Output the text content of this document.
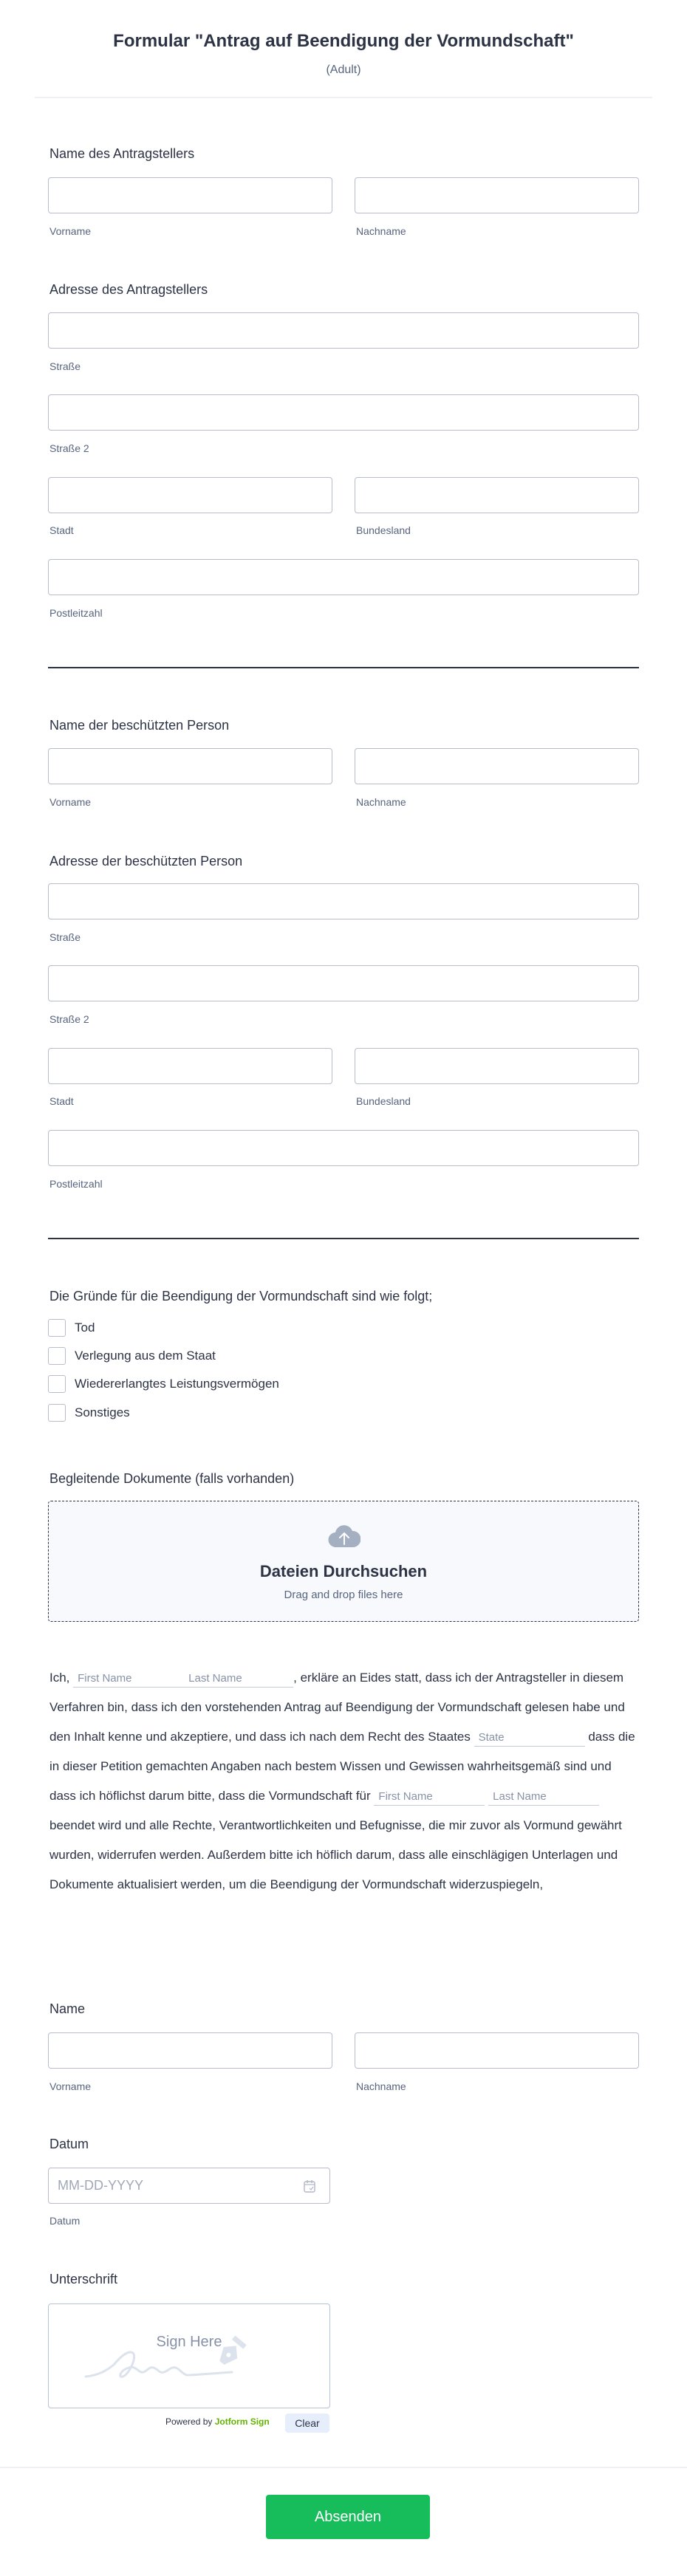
Formular "Antrag auf Beendigung der Vormundschaft"
(Adult)
Name des Antragstellers
Vorname	Nachname
Adresse des Antragstellers
Straße
Straße 2
Stadt	Bundesland
Postleitzahl
Name der beschützten Person
Vorname	Nachname
Adresse der beschützten Person
Straße
Straße 2
Stadt	Bundesland
Postleitzahl
Die Gründe für die Beendigung der Vormundschaft sind wie folgt;
Tod
Verlegung aus dem Staat
Wiedererlangtes Leistungsvermögen
Sonstiges
Begleitende Dokumente (falls vorhanden)
Dateien Durchsuchen
Drag and drop files here
Ich, First Name	Last Name	, erkläre an Eides statt, dass ich der Antragsteller in diesem Verfahren bin, dass ich den vorstehenden Antrag auf Beendigung der Vormundschaft gelesen habe und den Inhalt kenne und akzeptiere, und dass ich nach dem Recht des Staates State	dass die in dieser Petition gemachten Angaben nach bestem Wissen und Gewissen wahrheitsgemäß sind und dass ich höflichst darum bitte, dass die Vormundschaft für First Name	Last Name beendet wird und alle Rechte, Verantwortlichkeiten und Befugnisse, die mir zuvor als Vormund gewährt wurden, widerrufen werden. Außerdem bitte ich höflich darum, dass alle einschlägigen Unterlagen und Dokumente aktualisiert werden, um die Beendigung der Vormundschaft widerzuspiegeln,
Name
Vorname	Nachname
Datum
MM-DD-YYYY
Datum
Unterschrift
Sign Here
Powered by Jotform Sign	Clear
Absenden
